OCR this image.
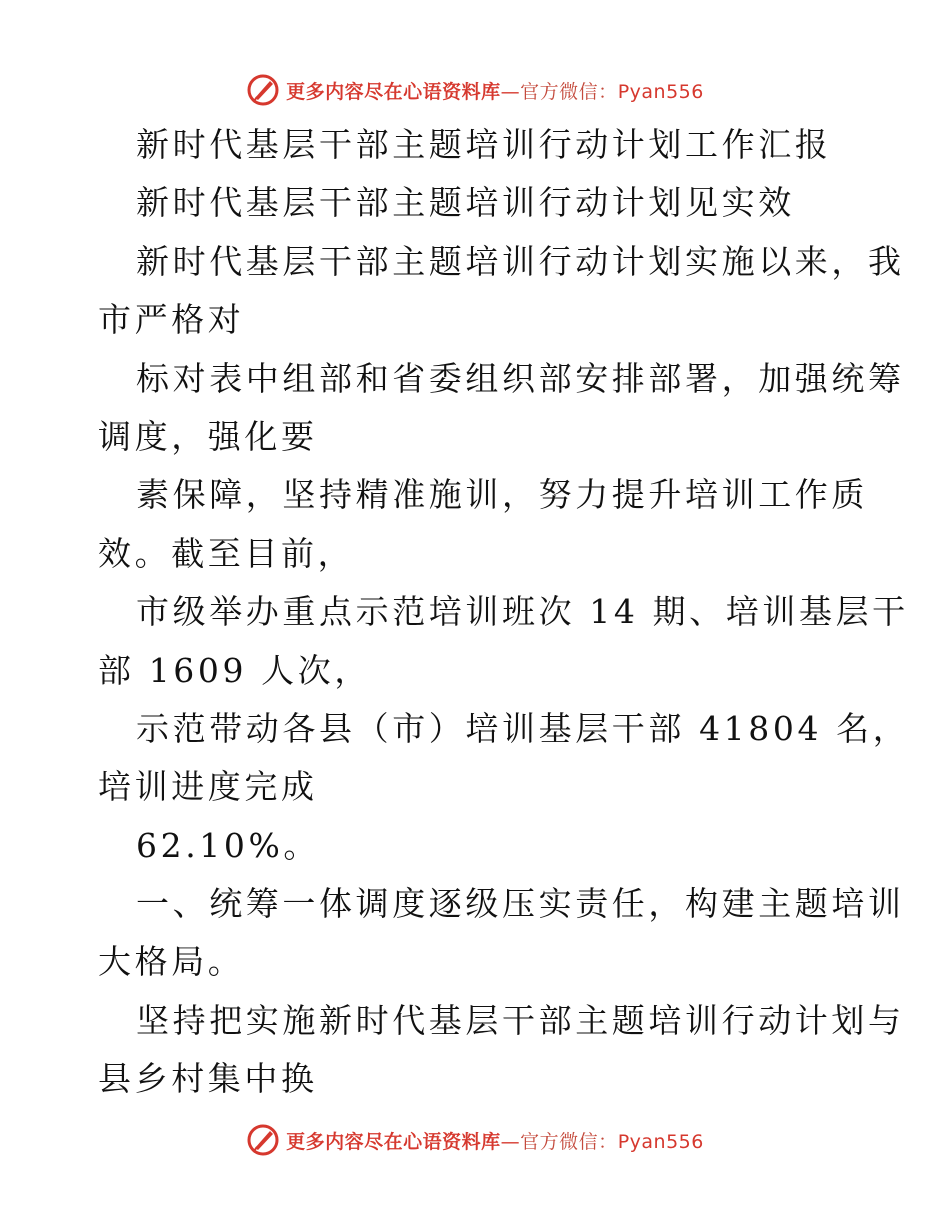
更多内容尽在心语资料库—官方微信：Pyan556
新时代基层干部主题培训行动计划工作汇报
新时代基层干部主题培训行动计划见实效
新时代基层干部主题培训行动计划实施以来，我
市严格对
标对表中组部和省委组织部安排部署，加强统筹
调度，强化要
素保障，坚持精准施训，努力提升培训工作质
效。截至目前，
市级举办重点示范培训班次 14 期、培训基层干
部 1609 人次，
示范带动各县（市）培训基层干部 41804 名，
培训进度完成
62.10%。
一、统筹一体调度逐级压实责任，构建主题培训
大格局。
坚持把实施新时代基层干部主题培训行动计划与
县乡村集中换
更多内容尽在心语资料库—官方微信：Pyan556
